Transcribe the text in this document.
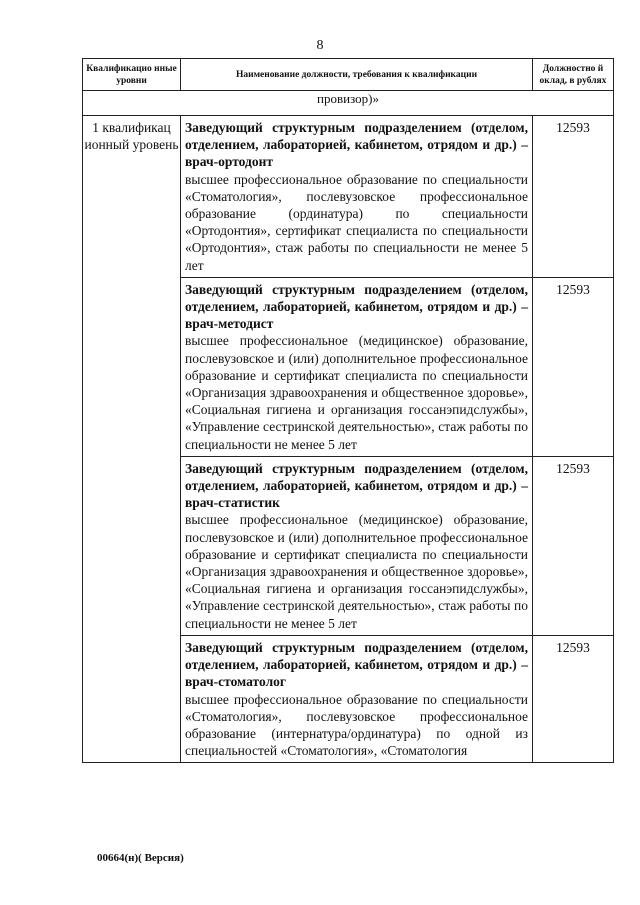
8
Квалификацио нные уровни	Наименование должности, требования к квалификации	Должностно й оклад, в рублях
провизор)»		
1 квалификац ионный уровень	Заведующий структурным подразделением (отделом, отделением, лабораторией, кабинетом, отрядом и др.) – врач-ортодонт
высшее профессиональное образование по специальности «Стоматология», послевузовское профессиональное образование (ординатура) по специальности «Ортодонтия», сертификат специалиста по специальности «Ортодонтия», стаж работы по специальности не менее 5 лет	12593

	Заведующий структурным подразделением (отделом, отделением, лабораторией, кабинетом, отрядом и др.) – врач-методист
высшее профессиональное (медицинское) образование, послевузовское и (или) дополнительное профессиональное образование и сертификат специалиста по специальности «Организация здравоохранения и общественное здоровье», «Социальная гигиена и организация госсанэпидслужбы», «Управление сестринской деятельностью», стаж работы по специальности не менее 5 лет	12593

	Заведующий структурным подразделением (отделом, отделением, лабораторией, кабинетом, отрядом и др.) – врач-статистик
высшее профессиональное (медицинское) образование, послевузовское и (или) дополнительное профессиональное образование и сертификат специалиста по специальности «Организация здравоохранения и общественное здоровье», «Социальная гигиена и организация госсанэпидслужбы», «Управление сестринской деятельностью», стаж работы по специальности не менее 5 лет	12593

	Заведующий структурным подразделением (отделом, отделением, лабораторией, кабинетом, отрядом и др.) – врач-стоматолог
высшее профессиональное образование по специальности «Стоматология», послевузовское профессиональное образование (интернатура/ординатура) по одной из специальностей «Стоматология», «Стоматология	12593
00664(н)( Версия)
